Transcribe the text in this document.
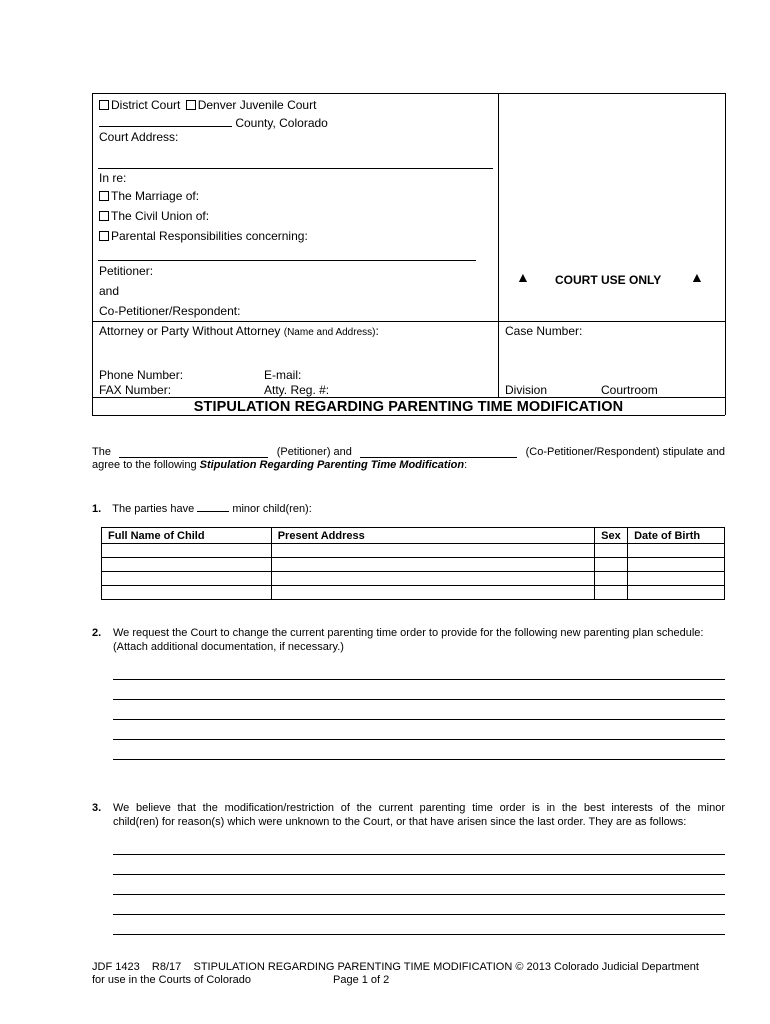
District Court Denver Juvenile Court
County, Colorado
Court Address:
In re:
The Marriage of:
The Civil Union of:
Parental Responsibilities concerning:
Petitioner:
and
Co-Petitioner/Respondent:
▲ COURT USE ONLY ▲
Attorney or Party Without Attorney (Name and Address):
Phone Number:	E-mail:
FAX Number:	Atty. Reg. #:
Case Number:
Division	Courtroom
STIPULATION REGARDING PARENTING TIME MODIFICATION
The	(Petitioner) and	(Co-Petitioner/Respondent) stipulate and
agree to the following Stipulation Regarding Parenting Time Modification:
1. The parties have	minor child(ren):
Full Name of Child	Present Address	Sex	Date of Birth

2. We request the Court to change the current parenting time order to provide for the following new parenting plan schedule:
(Attach additional documentation, if necessary.)
3. We believe that the modification/restriction of the current parenting time order is in the best interests of the minor
child(ren) for reason(s) which were unknown to the Court, or that have arisen since the last order. They are as follows:
JDF 1423    R8/17    STIPULATION REGARDING PARENTING TIME MODIFICATION © 2013 Colorado Judicial Department
for use in the Courts of Colorado	Page 1 of 2
